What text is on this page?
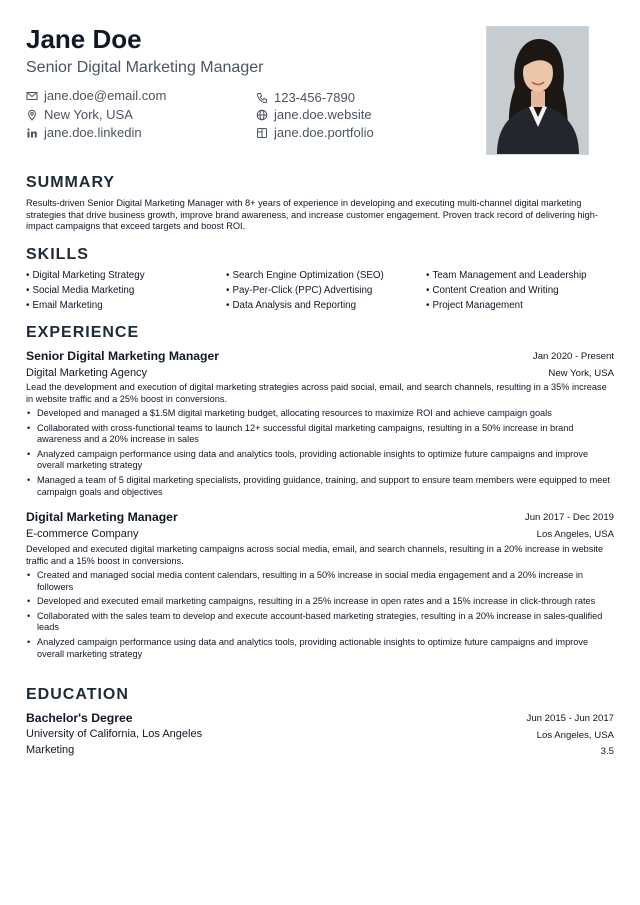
Jane Doe
Senior Digital Marketing Manager
jane.doe@email.com	123-456-7890
New York, USA	jane.doe.website
jane.doe.linkedin	jane.doe.portfolio
SUMMARY
Results-driven Senior Digital Marketing Manager with 8+ years of experience in developing and executing multi-channel digital marketing strategies that drive business growth, improve brand awareness, and increase customer engagement. Proven track record of delivering high-impact campaigns that exceed targets and boost ROI.
SKILLS
• Digital Marketing Strategy	• Search Engine Optimization (SEO)	• Team Management and Leadership
• Social Media Marketing	• Pay-Per-Click (PPC) Advertising	• Content Creation and Writing
• Email Marketing	• Data Analysis and Reporting	• Project Management
EXPERIENCE
Senior Digital Marketing Manager	Jan 2020 - Present
Digital Marketing Agency	New York, USA
Lead the development and execution of digital marketing strategies across paid social, email, and search channels, resulting in a 35% increase in website traffic and a 25% boost in conversions.
• Developed and managed a $1.5M digital marketing budget, allocating resources to maximize ROI and achieve campaign goals
• Collaborated with cross-functional teams to launch 12+ successful digital marketing campaigns, resulting in a 50% increase in brand awareness and a 20% increase in sales
• Analyzed campaign performance using data and analytics tools, providing actionable insights to optimize future campaigns and improve overall marketing strategy
• Managed a team of 5 digital marketing specialists, providing guidance, training, and support to ensure team members were equipped to meet campaign goals and objectives
Digital Marketing Manager	Jun 2017 - Dec 2019
E-commerce Company	Los Angeles, USA
Developed and executed digital marketing campaigns across social media, email, and search channels, resulting in a 20% increase in website traffic and a 15% boost in conversions.
• Created and managed social media content calendars, resulting in a 50% increase in social media engagement and a 20% increase in followers
• Developed and executed email marketing campaigns, resulting in a 25% increase in open rates and a 15% increase in click-through rates
• Collaborated with the sales team to develop and execute account-based marketing strategies, resulting in a 20% increase in sales-qualified leads
• Analyzed campaign performance using data and analytics tools, providing actionable insights to optimize future campaigns and improve overall marketing strategy
EDUCATION
Bachelor's Degree	Jun 2015 - Jun 2017
University of California, Los Angeles	Los Angeles, USA
Marketing	3.5
